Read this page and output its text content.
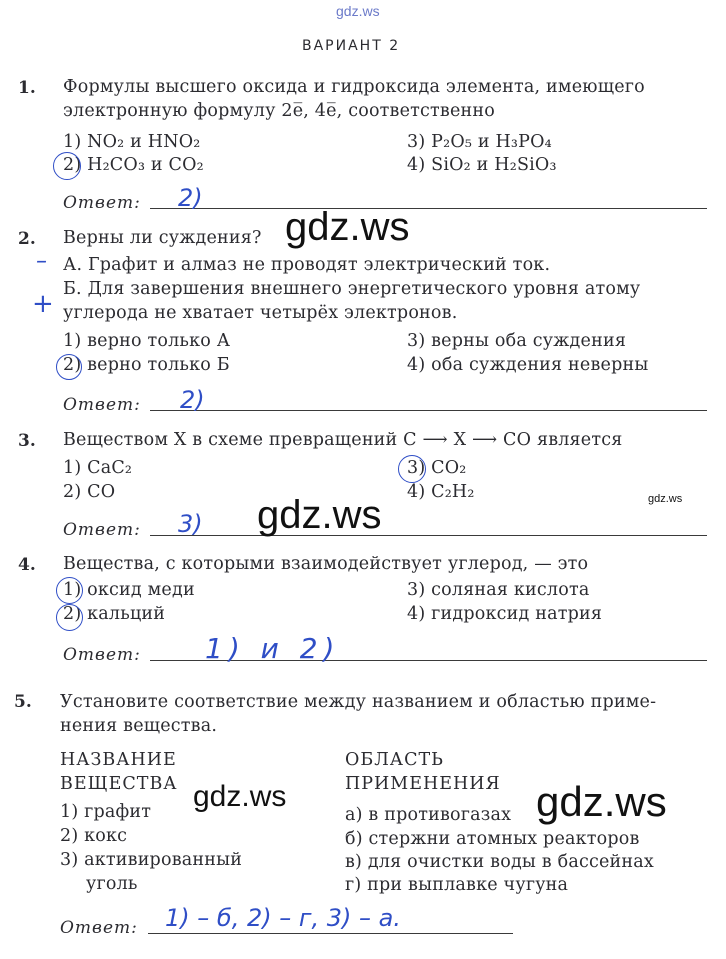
gdz.ws
ВАРИАНТ 2
1. Формулы высшего оксида и гидроксида элемента, имеющего
электронную формулу 2e̅, 4e̅, соответственно
1) NO₂ и HNO₂
2) H₂CO₃ и CO₂
3) P₂O₅ и H₃PO₄
4) SiO₂ и H₂SiO₃
Ответ: 2)
gdz.ws
2. Верны ли суждения?
– А. Графит и алмаз не проводят электрический ток.
+ Б. Для завершения внешнего энергетического уровня атому
углерода не хватает четырёх электронов.
1) верно только А
2) верно только Б
3) верны оба суждения
4) оба суждения неверны
Ответ: 2)
3. Веществом X в схеме превращений C ⟶ X ⟶ CO является
1) CaC₂
2) CO
3) CO₂
4) C₂H₂	gdz.ws
Ответ: 3) gdz.ws
4. Вещества, с которыми взаимодействует углерод, — это
1) оксид меди
2) кальций
3) соляная кислота
4) гидроксид натрия
Ответ: 1) и 2)
5. Установите соответствие между названием и областью приме-
нения вещества.
НАЗВАНИЕ
ВЕЩЕСТВА
ОБЛАСТЬ
ПРИМЕНЕНИЯ
1) графит
2) кокс
3) активированный
уголь
а) в противогазах
б) стержни атомных реакторов
в) для очистки воды в бассейнах
г) при выплавке чугуна
Ответ: 1) – б, 2) – г, 3) – а.
gdz.ws	gdz.ws
